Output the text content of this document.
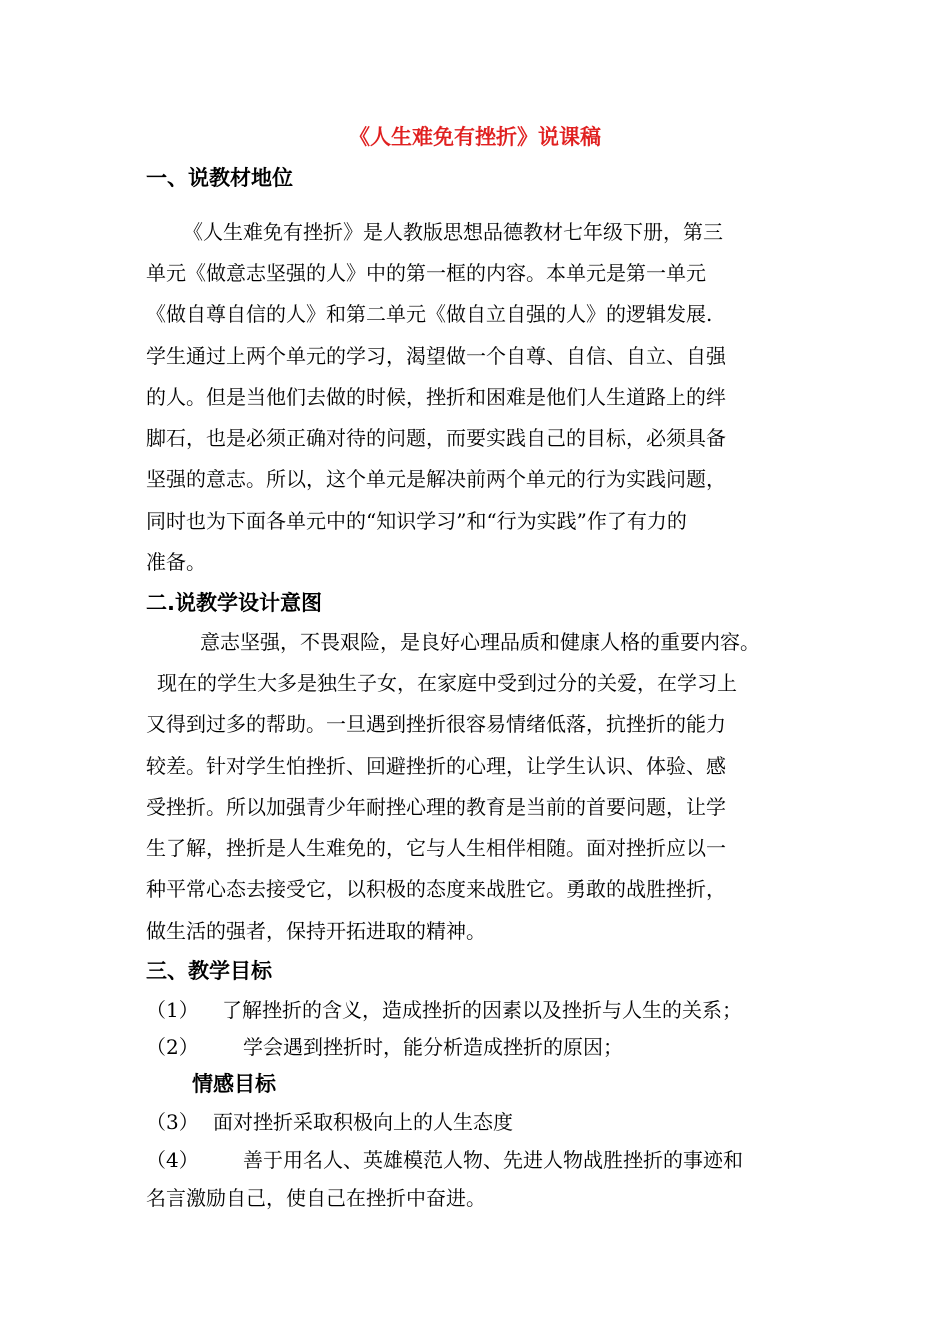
《人生难免有挫折》说课稿
一、说教材地位
《人生难免有挫折》是人教版思想品德教材七年级下册，第三
单元《做意志坚强的人》中的第一框的内容。本单元是第一单元
《做自尊自信的人》和第二单元《做自立自强的人》的逻辑发展.
学生通过上两个单元的学习，渴望做一个自尊、自信、自立、自强
的人。但是当他们去做的时候，挫折和困难是他们人生道路上的绊
脚石，也是必须正确对待的问题，而要实践自己的目标，必须具备
坚强的意志。所以，这个单元是解决前两个单元的行为实践问题，
同时也为下面各单元中的“知识学习”和“行为实践”作了有力的
准备。
二.说教学设计意图
意志坚强，不畏艰险，是良好心理品质和健康人格的重要内容。
现在的学生大多是独生子女，在家庭中受到过分的关爱，在学习上
又得到过多的帮助。一旦遇到挫折很容易情绪低落，抗挫折的能力
较差。针对学生怕挫折、回避挫折的心理，让学生认识、体验、感
受挫折。所以加强青少年耐挫心理的教育是当前的首要问题，让学
生了解，挫折是人生难免的，它与人生相伴相随。面对挫折应以一
种平常心态去接受它，以积极的态度来战胜它。勇敢的战胜挫折，
做生活的强者，保持开拓进取的精神。
三、教学目标
（1） 了解挫折的含义，造成挫折的因素以及挫折与人生的关系；
（2） 学会遇到挫折时，能分析造成挫折的原因；
情感目标
（3） 面对挫折采取积极向上的人生态度
（4） 善于用名人、英雄模范人物、先进人物战胜挫折的事迹和
名言激励自己，使自己在挫折中奋进。
